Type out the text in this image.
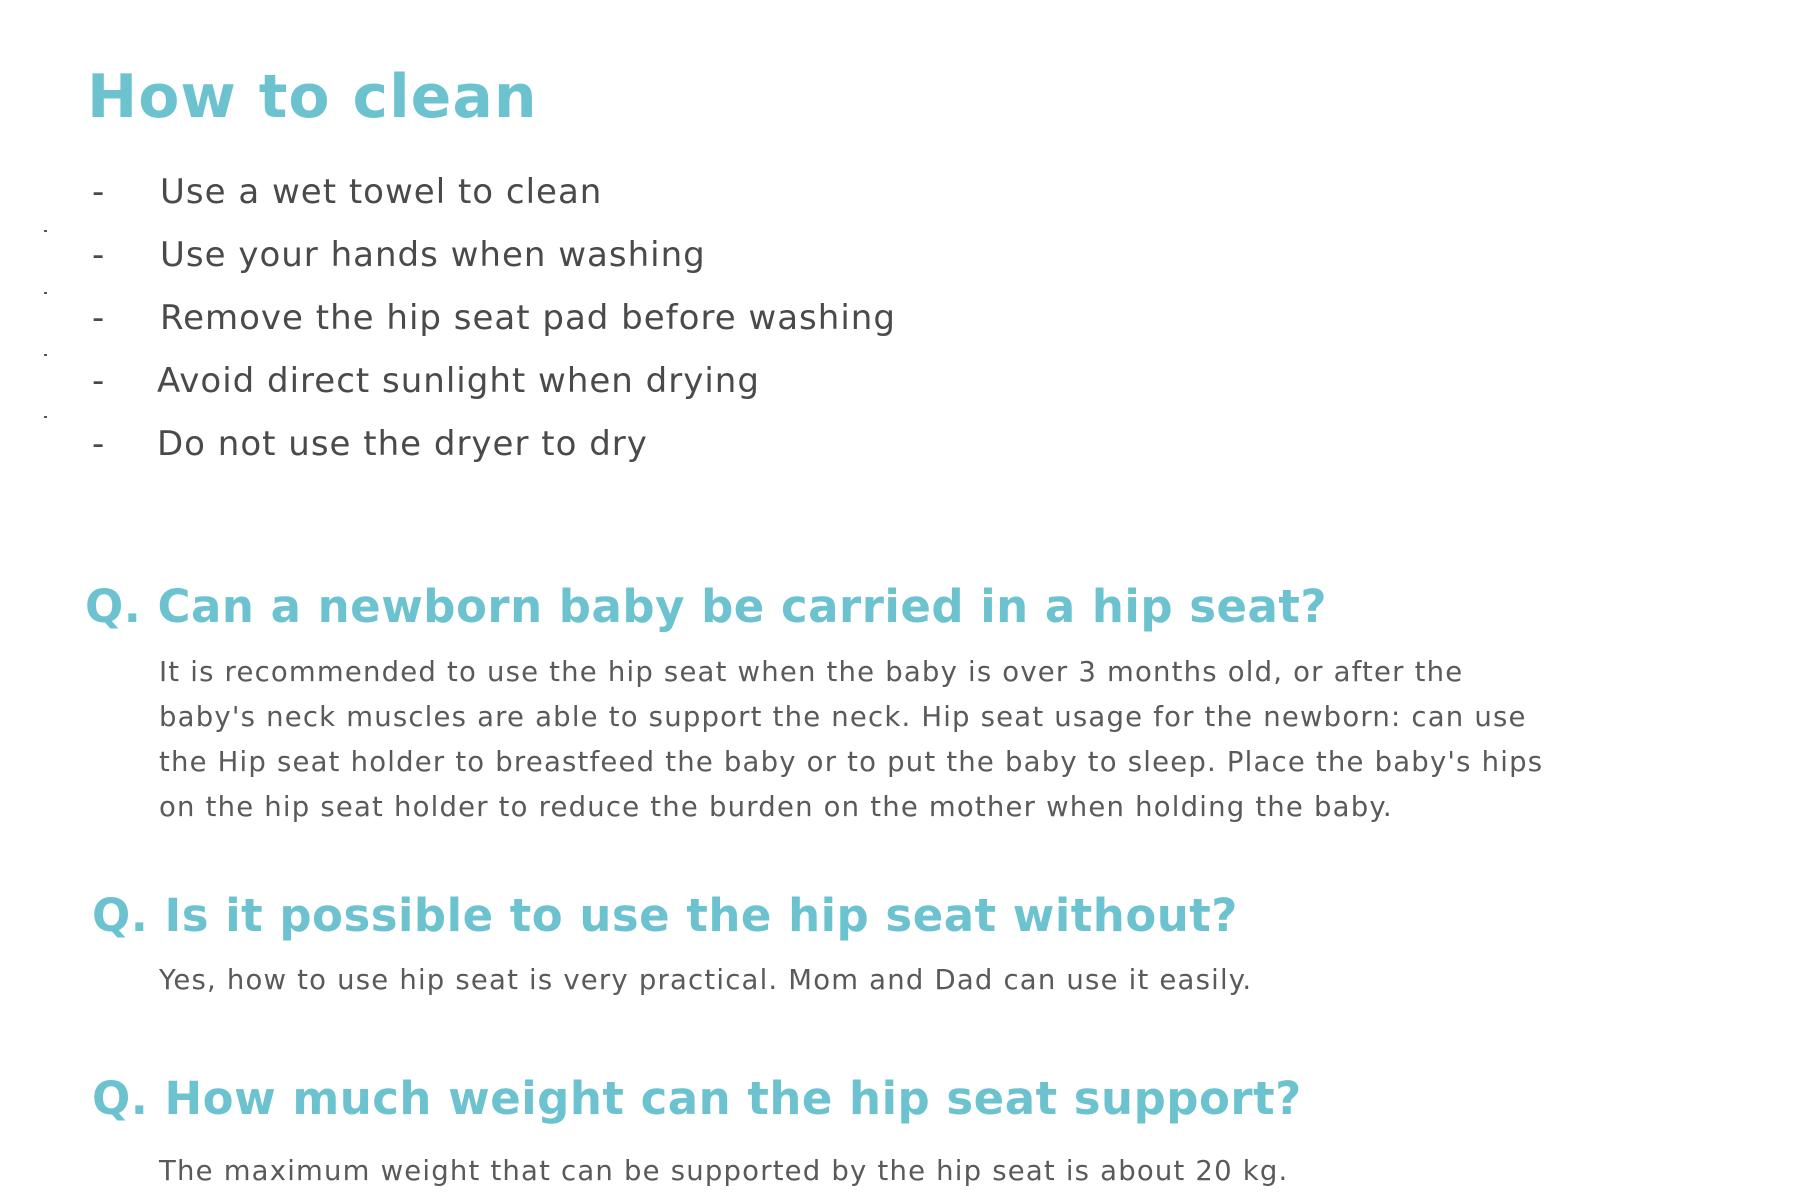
How to clean
- Use a wet towel to clean
- Use your hands when washing
- Remove the hip seat pad before washing
- Avoid direct sunlight when drying
- Do not use the dryer to dry
Q. Can a newborn baby be carried in a hip seat?

It is recommended to use the hip seat when the baby is over 3 months old, or after the
baby's neck muscles are able to support the neck. Hip seat usage for the newborn: can use
the Hip seat holder to breastfeed the baby or to put the baby to sleep. Place the baby's hips
on the hip seat holder to reduce the burden on the mother when holding the baby.

Q. Is it possible to use the hip seat without?

Yes, how to use hip seat is very practical. Mom and Dad can use it easily.

Q. How much weight can the hip seat support?

The maximum weight that can be supported by the hip seat is about 20 kg.
